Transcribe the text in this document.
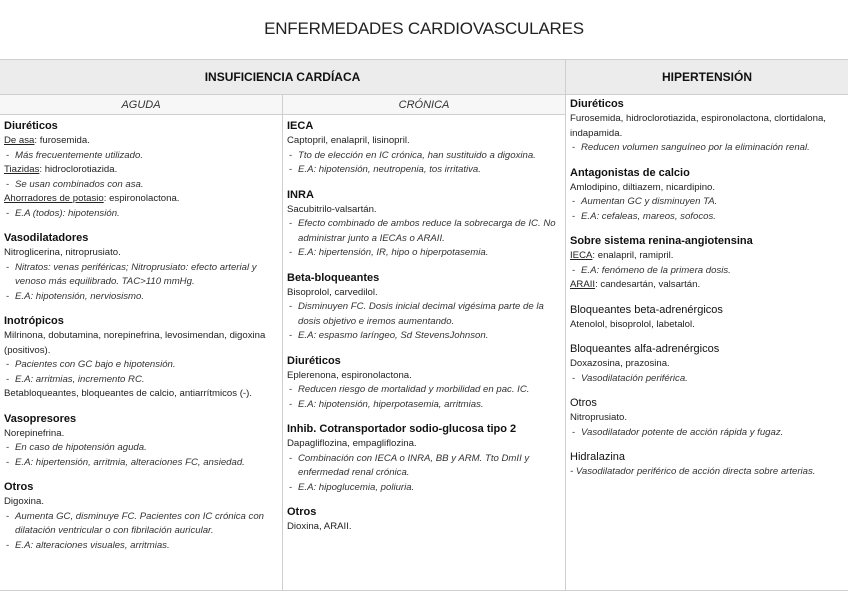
ENFERMEDADES CARDIOVASCULARES
INSUFICIENCIA CARDÍACA	HIPERTENSIÓN
AGUDA	CRÓNICA

Diuréticos

De asa: furosemida.

- Más frecuentemente utilizado.

Tiazidas: hidroclorotiazida.

- Se usan combinados con asa.

Ahorradores de potasio: espironolactona.

- E.A (todos): hipotensión.

Vasodilatadores

Nitroglicerina, nitroprusiato.

- Nitratos: venas periféricas; Nitroprusiato: efecto arterial y venoso más equilibrado. TAC>110 mmHg.

- E.A: hipotensión, nerviosismo.

Inotrópicos

Milrinona, dobutamina, norepinefrina, levosimendan, digoxina (positivos).

- Pacientes con GC bajo e hipotensión.

- E.A: arritmias, incremento RC.

Betabloqueantes, bloqueantes de calcio, antiarrítmicos (-).

Vasopresores

Norepinefrina.

- En caso de hipotensión aguda.

- E.A: hipertensión, arritmia, alteraciones FC, ansiedad.

Otros

Digoxina.

- Aumenta GC, disminuye FC. Pacientes con IC crónica con dilatación ventricular o con fibrilación auricular.

- E.A: alteraciones visuales, arritmias.

IECA

Captopril, enalapril, lisinopril.

- Tto de elección en IC crónica, han sustituido a digoxina.

- E.A: hipotensión, neutropenia, tos irritativa.

INRA

Sacubitrilo-valsartán.

- Efecto combinado de ambos reduce la sobrecarga de IC. No administrar junto a IECAs o ARAII.

- E.A: hipertensión, IR, hipo o hiperpotasemia.

Beta-bloqueantes

Bisoprolol, carvedilol.

- Disminuyen FC. Dosis inicial decimal vigésima parte de la dosis objetivo e iremos aumentando.

- E.A: espasmo laríngeo, Sd StevensJohnson.

Diuréticos

Eplerenona, espironolactona.

- Reducen riesgo de mortalidad y morbilidad en pac. IC.

- E.A: hipotensión, hiperpotasemia, arritmias.

Inhib. Cotransportador sodio-glucosa tipo 2

Dapagliflozina, empagliflozina.

- Combinación con IECA o INRA, BB y ARM. Tto DmII y enfermedad renal crónica.

- E.A: hipoglucemia, poliuria.

Otros

Dioxina, ARAII.

Diuréticos

Furosemida, hidroclorotiazida, espironolactona, clortidalona, indapamida.

- Reducen volumen sanguíneo por la eliminación renal.

Antagonistas de calcio

Amlodipino, diltiazem, nicardipino.

- Aumentan GC y disminuyen TA.

- E.A: cefaleas, mareos, sofocos.

Sobre sistema renina-angiotensina

IECA: enalapril, ramipril.

- E.A: fenómeno de la primera dosis.

ARAII: candesartán, valsartán.

Bloqueantes beta-adrenérgicos

Atenolol, bisoprolol, labetalol.

Bloqueantes alfa-adrenérgicos

Doxazosina, prazosina.

- Vasodilatación periférica.

Otros

Nitroprusiato.

- Vasodilatador potente de acción rápida y fugaz.

Hidralazina

- Vasodilatador periférico de acción directa sobre arterias.
